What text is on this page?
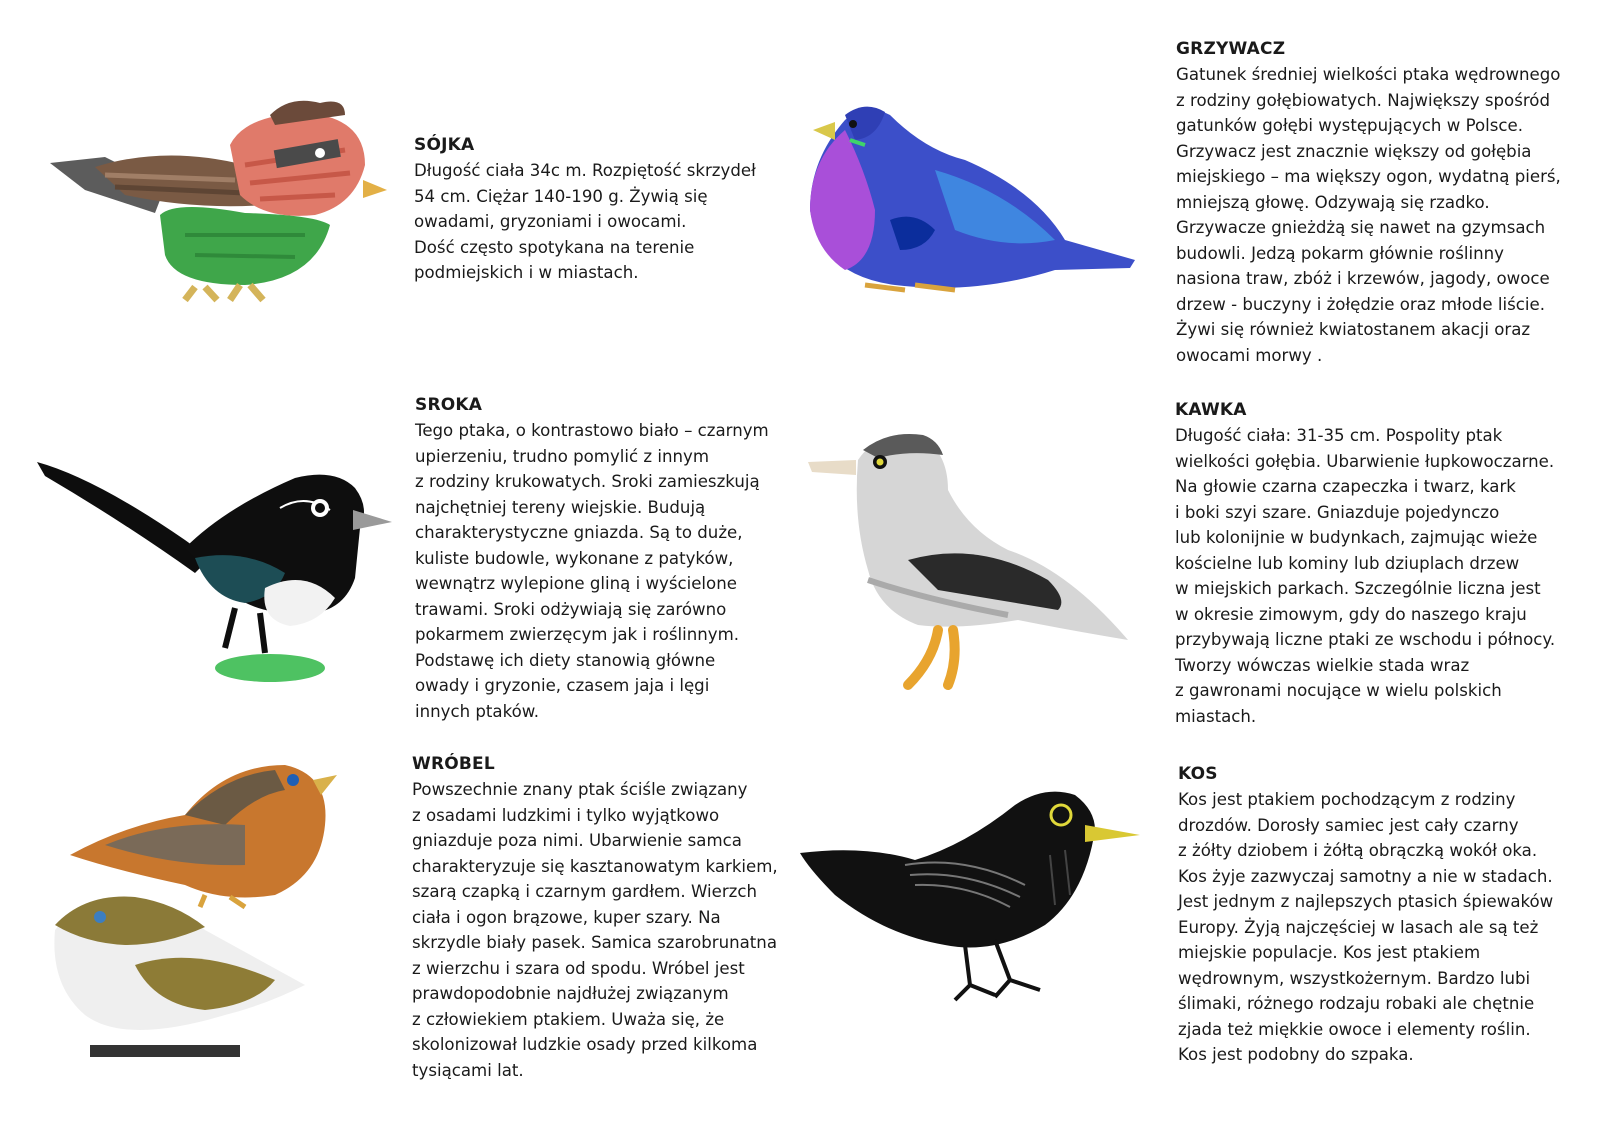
SÓJKA
Długość ciała 34c m. Rozpiętość skrzydeł
54 cm. Ciężar 140-190 g. Żywią się
owadami, gryzoniami i owocami.
Dość często spotykana na terenie
podmiejskich i w miastach.
SROKA
Tego ptaka, o kontrastowo biało – czarnym
upierzeniu, trudno pomylić z innym
z rodziny krukowatych. Sroki zamieszkują
najchętniej tereny wiejskie. Budują
charakterystyczne gniazda. Są to duże,
kuliste budowle, wykonane z patyków,
wewnątrz wylepione gliną i wyścielone
trawami. Sroki odżywiają się zarówno
pokarmem zwierzęcym jak i roślinnym.
Podstawę ich diety stanowią główne
owady i gryzonie, czasem jaja i lęgi
innych ptaków.
WRÓBEL
Powszechnie znany ptak ściśle związany
z osadami ludzkimi i tylko wyjątkowo
gniazduje poza nimi. Ubarwienie samca
charakteryzuje się kasztanowatym karkiem,
szarą czapką i czarnym gardłem. Wierzch
ciała i ogon brązowe, kuper szary. Na
skrzydle biały pasek. Samica szarobrunatna
z wierzchu i szara od spodu. Wróbel jest
prawdopodobnie najdłużej związanym
z człowiekiem ptakiem. Uważa się, że
skolonizował ludzkie osady przed kilkoma
tysiącami lat.
GRZYWACZ
Gatunek średniej wielkości ptaka wędrownego
z rodziny gołębiowatych. Największy spośród
gatunków gołębi występujących w Polsce.
Grzywacz jest znacznie większy od gołębia
miejskiego – ma większy ogon, wydatną pierś,
mniejszą głowę. Odzywają się rzadko.
Grzywacze gnieżdżą się nawet na gzymsach
budowli. Jedzą pokarm głównie roślinny
nasiona traw, zbóż i krzewów, jagody, owoce
drzew - buczyny i żołędzie oraz młode liście.
Żywi się również kwiatostanem akacji oraz
owocami morwy .
KAWKA
Długość ciała: 31-35 cm. Pospolity ptak
wielkości gołębia. Ubarwienie łupkowoczarne.
Na głowie czarna czapeczka i twarz, kark
i boki szyi szare. Gniazduje pojedynczo
lub kolonijnie w budynkach, zajmując wieże
kościelne lub kominy lub dziuplach drzew
w miejskich parkach. Szczególnie liczna jest
w okresie zimowym, gdy do naszego kraju
przybywają liczne ptaki ze wschodu i północy.
Tworzy wówczas wielkie stada wraz
z gawronami nocujące w wielu polskich
miastach.
KOS
Kos jest ptakiem pochodzącym z rodziny
drozdów. Dorosły samiec jest cały czarny
z żółty dziobem i żółtą obrączką wokół oka.
Kos żyje zazwyczaj samotny a nie w stadach.
Jest jednym z najlepszych ptasich śpiewaków
Europy. Żyją najczęściej w lasach ale są też
miejskie populacje. Kos jest ptakiem
wędrownym, wszystkożernym. Bardzo lubi
ślimaki, różnego rodzaju robaki ale chętnie
zjada też miękkie owoce i elementy roślin.
Kos jest podobny do szpaka.
